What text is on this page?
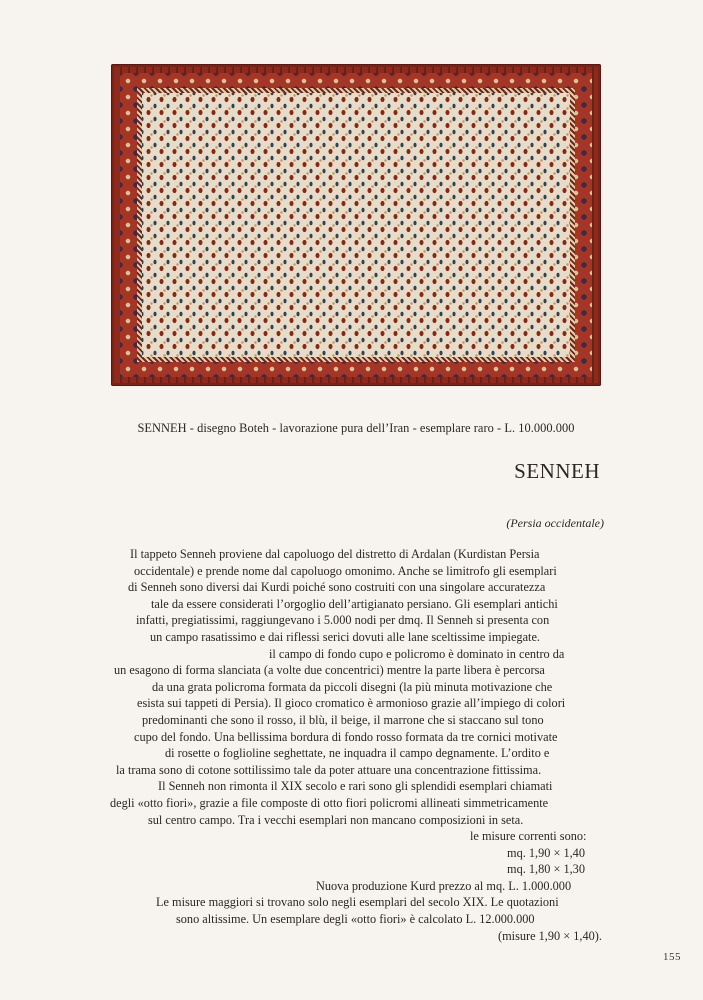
SENNEH - disegno Boteh - lavorazione pura dell’Iran - esemplare raro - L. 10.000.000
SENNEH
(Persia occidentale)
Il tappeto Senneh proviene dal capoluogo del distretto di Ardalan (Kurdistan Persia
occidentale) e prende nome dal capoluogo omonimo. Anche se limitrofo gli esemplari
di Senneh sono diversi dai Kurdi poiché sono costruiti con una singolare accuratezza
tale da essere considerati l’orgoglio dell’artigianato persiano. Gli esemplari antichi
infatti, pregiatissimi, raggiungevano i 5.000 nodi per dmq. Il Senneh si presenta con
un campo rasatissimo e dai riflessi serici dovuti alle lane sceltissime impiegate.
il campo di fondo cupo e policromo è dominato in centro da
un esagono di forma slanciata (a volte due concentrici) mentre la parte libera è percorsa
da una grata policroma formata da piccoli disegni (la più minuta motivazione che
esista sui tappeti di Persia). Il gioco cromatico è armonioso grazie all’impiego di colori
predominanti che sono il rosso, il blù, il beige, il marrone che si staccano sul tono
cupo del fondo. Una bellissima bordura di fondo rosso formata da tre cornici motivate
di rosette o foglioline seghettate, ne inquadra il campo degnamente. L’ordito e
la trama sono di cotone sottilissimo tale da poter attuare una concentrazione fittissima.
Il Senneh non rimonta il XIX secolo e rari sono gli splendidi esemplari chiamati
degli «otto fiori», grazie a file composte di otto fiori policromi allineati simmetricamente
sul centro campo. Tra i vecchi esemplari non mancano composizioni in seta.
le misure correnti sono:
mq. 1,90 × 1,40
mq. 1,80 × 1,30
Nuova produzione Kurd prezzo al mq. L. 1.000.000
Le misure maggiori si trovano solo negli esemplari del secolo XIX. Le quotazioni
sono altissime. Un esemplare degli «otto fiori» è calcolato L. 12.000.000
(misure 1,90 × 1,40).
155
